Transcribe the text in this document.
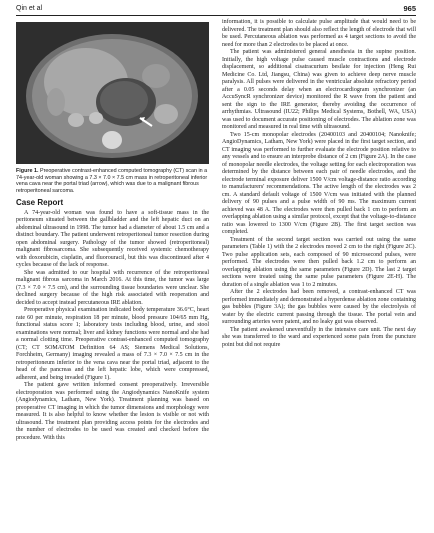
Qin et al	965

Figure 1. Preoperative contrast-enhanced computed tomography (CT) scan in a 74-year-old woman showing a 7.3 × 7.0 × 7.5 cm mass in retroperitoneal inferior vena cava near the portal triad (arrow), which was due to a malignant fibrous retroperitoneal sarcoma.

Case Report

A 74-year-old woman was found to have a soft-tissue mass in the peritoneum situated between the gallbladder and the left hepatic duct on an abdominal ultrasound in 1998. The tumor had a diameter of about 1.5 cm and a distinct boundary. The patient underwent retroperitoneal tumor resection during open abdominal surgery. Pathology of the tumor showed (retroperitoneal) malignant fibrosarcoma. She subsequently received systemic chemotherapy with doxorubicin, cisplatin, and fluorouracil, but this was discontinued after 4 cycles because of the lack of response.

She was admitted to our hospital with recurrence of the retroperitoneal malignant fibrous sarcoma in March 2016. At this time, the tumor was large (7.3 × 7.0 × 7.5 cm), and the surrounding tissue boundaries were unclear. She declined surgery because of the high risk associated with reoperation and decided to accept instead percutaneous IRE ablation.

Preoperative physical examination indicated body temperature 36.6°C, heart rate 60 per minute, respiration 18 per minute, blood pressure 104/65 mm Hg, functional status score 1; laboratory tests including blood, urine, and stool examinations were normal; liver and kidney functions were normal and she had a normal clotting time. Preoperative contrast-enhanced computed tomography (CT; CT SOMATOM Definition 64 AS; Siemens Medical Solutions, Forchheim, Germany) imaging revealed a mass of 7.3 × 7.0 × 7.5 cm in the retroperitoneum inferior to the vena cava near the portal triad, adjacent to the head of the pancreas and the left hepatic lobe, which were compressed, adherent, and being invaded (Figure 1).

The patient gave written informed consent preoperatively. Irreversible electroporation was performed using the Angiodynamics NanoKnife system (Angiodynamics, Latham, New York). Treatment planning was based on preoperative CT imaging in which the tumor dimensions and morphology were measured. It is also helpful to know whether the lesion is visible or not with ultrasound. The treatment plan providing access points for the electrodes and the number of electrodes to be used was created and checked before the procedure. With this

information, it is possible to calculate pulse amplitude that would need to be delivered. The treatment plan should also reflect the length of electrode that will be used. Percutaneous ablation was performed as 4 target sections to avoid the need for more than 2 electrodes to be placed at once.

The patient was administered general anesthesia in the supine position. Initially, the high voltage pulse caused muscle contractions and electrode displacement, so additional cisatracurium besilate for injection (Heng Rui Medicine Co. Ltd, Jiangsu, China) was given to achieve deep nerve muscle paralysis. All pulses were delivered in the ventricular absolute refractory period after a 0.05 seconds delay when an electrocardiogram synchronizer (an AccuSyncR synchronizer device) monitored the R wave from the patient and sent the sign to the IRE generator, thereby avoiding the occurrence of arrhythmias. Ultrasound (IU22; Philips Medical Systems, Bothell, WA, USA) was used to document accurate positioning of electrodes. The ablation zone was monitored and measured in real time with ultrasound.

Two 15-cm monopolar electrodes (20400103 and 20400104; Nanoknife; AngioDynamics, Latham, New York) were placed in the first target section, and CT imaging was performed to further evaluate the electrode position relative to any vessels and to ensure an interprobe distance of 2 cm (Figure 2A). In the case of monopolar needle electrodes, the voltage setting for each electroporation was determined by the distance between each pair of needle electrodes, and the electrode terminal exposure deliver 1500 V/cm voltage-distance ratio according to manufacturers' recommendations. The active length of the electrodes was 2 cm. A standard default voltage of 1500 V/cm was initiated with the planned delivery of 90 pulses and a pulse width of 90 ms. The maximum current achieved was 48 A. The electrodes were then pulled back 1 cm to perform an overlapping ablation using a similar protocol, except that the voltage-to-distance ratio was lowered to 1300 V/cm (Figure 2B). The first target section was completed.

Treatment of the second target section was carried out using the same parameters (Table 1) with the 2 electrodes moved 2 cm to the right (Figure 2C). Two pulse application sets, each composed of 90 microsecond pulses, were performed. The electrodes were then pulled back 1.2 cm to perform an overlapping ablation using the same parameters (Figure 2D). The last 2 target sections were treated using the same pulse parameters (Figure 2E-H). The duration of a single ablation was 1 to 2 minutes.

After the 2 electrodes had been removed, a contrast-enhanced CT was performed immediately and demonstrated a hyperdense ablation zone containing gas bubbles (Figure 3A); the gas bubbles were caused by the electrolysis of water by the electric current passing through the tissue. The portal vein and surrounding arteries were patent, and no leaky gut was observed.

The patient awakened uneventfully in the intensive care unit. The next day she was transferred to the ward and experienced some pain from the puncture point but did not require
